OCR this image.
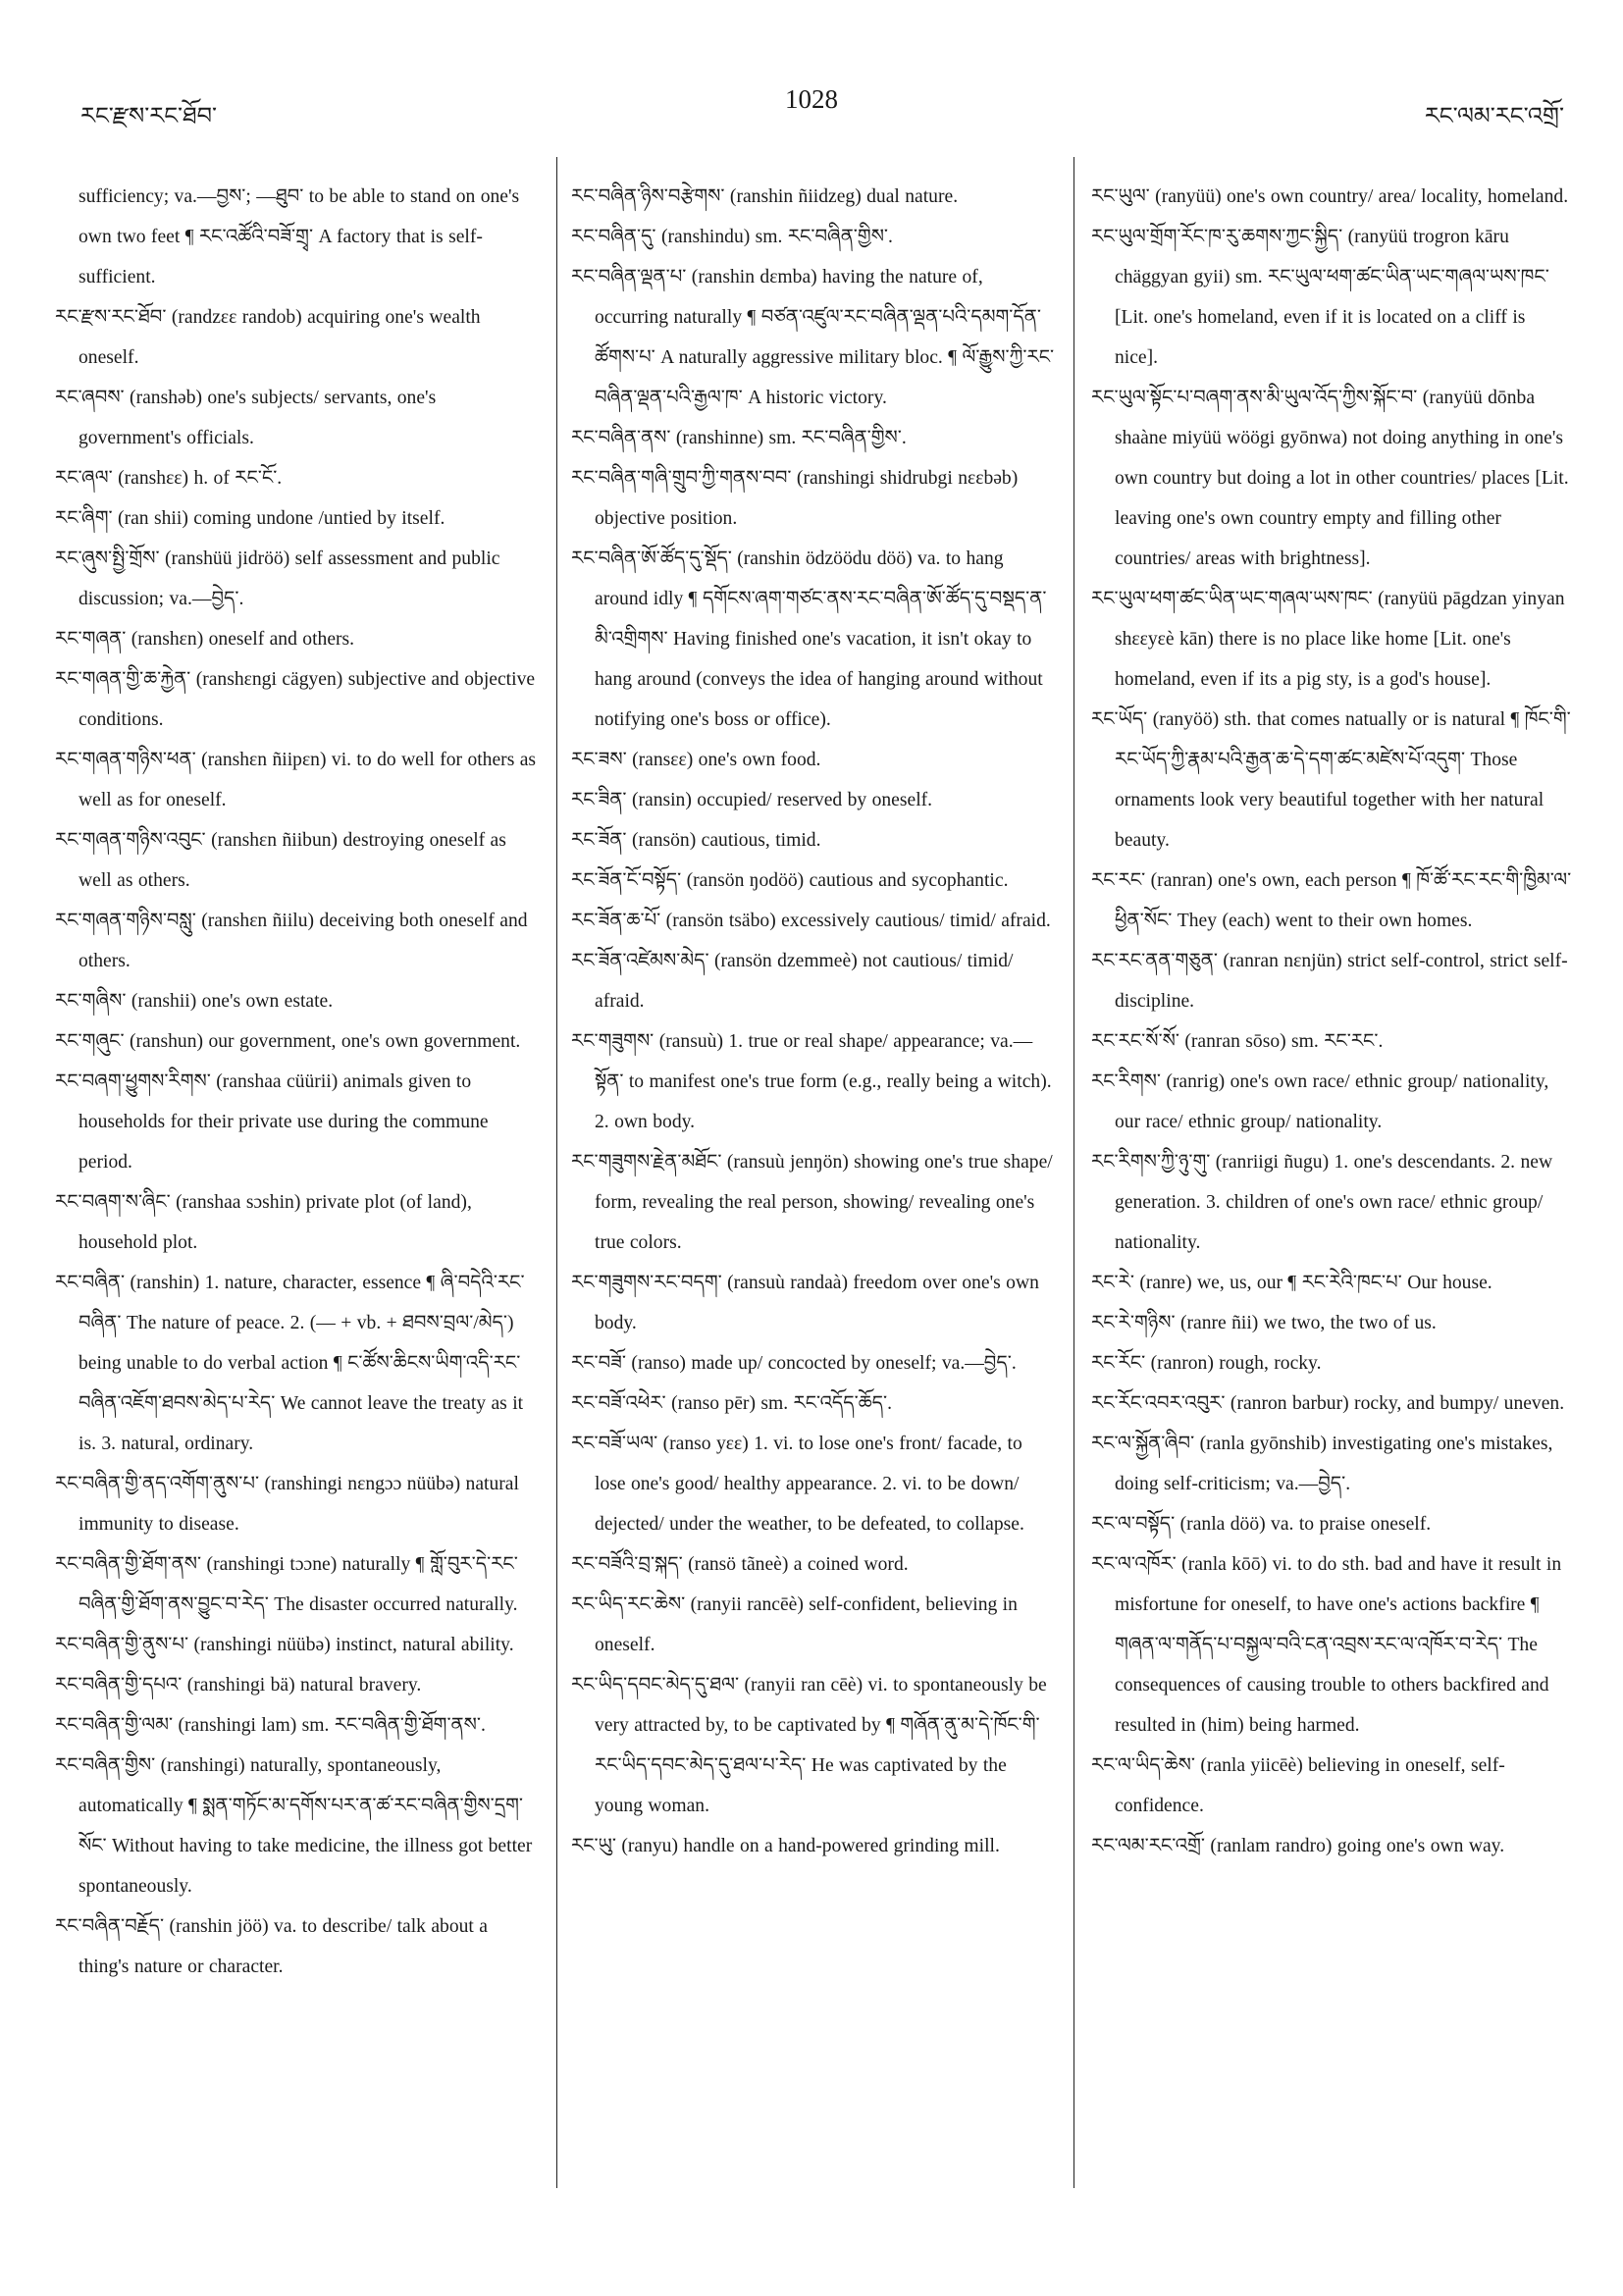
རང་རྫས་རང་ཐོབ་
1028
རང་ལམ་རང་འགྲོ་

sufficiency; va.—བྱས་; —ཐུབ་ to be able to stand on one's own two feet ¶ རང་འཚོའི་བཟོ་གྲྭ་ A factory that is self-sufficient.

རང་རྫས་རང་ཐོབ་ (randzɛɛ randob) acquiring one's wealth oneself.

རང་ཞབས་ (ranshəb) one's subjects/ servants, one's government's officials.

རང་ཞལ་ (ranshɛɛ) h. of རང་ངོ་.

རང་ཞིག་ (ran shii) coming undone /untied by itself.

རང་ཞུས་སྤྱི་གྲོས་ (ranshüü jidröö) self assessment and public discussion; va.—བྱེད་.

རང་གཞན་ (ranshɛn) oneself and others.

རང་གཞན་གྱི་ཆ་རྐྱེན་ (ranshɛngi cägyen) subjective and objective conditions.

རང་གཞན་གཉིས་ཕན་ (ranshɛn ñiipɛn) vi. to do well for others as well as for oneself.

རང་གཞན་གཉིས་འབུང་ (ranshɛn ñiibun) destroying oneself as well as others.

རང་གཞན་གཉིས་བསླུ་ (ranshɛn ñiilu) deceiving both oneself and others.

རང་གཞིས་ (ranshii) one's own estate.

རང་གཞུང་ (ranshun) our government, one's own government.

རང་བཞག་ཕྱུགས་རིགས་ (ranshaa cüürii) animals given to households for their private use during the commune period.

རང་བཞག་ས་ཞིང་ (ranshaa sɔshin) private plot (of land), household plot.

རང་བཞིན་ (ranshin) 1. nature, character, essence ¶ ཞི་བདེའི་རང་བཞིན་ The nature of peace. 2. (— + vb. + ཐབས་བྲལ་/མེད་) being unable to do verbal action ¶ ང་ཚོས་ཆིངས་ཡིག་འདི་རང་བཞིན་འཇོག་ཐབས་མེད་པ་རེད་ We cannot leave the treaty as it is. 3. natural, ordinary.

རང་བཞིན་གྱི་ནད་འགོག་ནུས་པ་ (ranshingi nɛngɔɔ nüübə) natural immunity to disease.

རང་བཞིན་གྱི་ཐོག་ནས་ (ranshingi tɔɔne) naturally ¶ གློ་བུར་དེ་རང་བཞིན་གྱི་ཐོག་ནས་བྱུང་བ་རེད་ The disaster occurred naturally.

རང་བཞིན་གྱི་ནུས་པ་ (ranshingi nüübə) instinct, natural ability.

རང་བཞིན་གྱི་དཔའ་ (ranshingi bä) natural bravery.

རང་བཞིན་གྱི་ལམ་ (ranshingi lam) sm. རང་བཞིན་གྱི་ཐོག་ནས་.

རང་བཞིན་གྱིས་ (ranshingi) naturally, spontaneously, automatically ¶ སྨན་གཏོང་མ་དགོས་པར་ན་ཚ་རང་བཞིན་གྱིས་དྲག་སོང་ Without having to take medicine, the illness got better spontaneously.

རང་བཞིན་བརྗོད་ (ranshin jöö) va. to describe/ talk about a thing's nature or character.

རང་བཞིན་ཉིས་བརྩེགས་ (ranshin ñiidzeg) dual nature.

རང་བཞིན་དུ་ (ranshindu) sm. རང་བཞིན་གྱིས་.

རང་བཞིན་ལྡན་པ་ (ranshin dɛmba) having the nature of, occurring naturally ¶ བཙན་འཛུལ་རང་བཞིན་ལྡན་པའི་དམག་དོན་ཚོགས་པ་ A naturally aggressive military bloc. ¶ ལོ་རྒྱུས་ཀྱི་རང་བཞིན་ལྡན་པའི་རྒྱལ་ཁ་ A historic victory.

རང་བཞིན་ནས་ (ranshinne) sm. རང་བཞིན་གྱིས་.

རང་བཞིན་གཞི་གྲུབ་ཀྱི་གནས་བབ་ (ranshingi shidrubgi nɛɛbəb) objective position.

རང་བཞིན་ཨོ་ཚོད་དུ་སྡོད་ (ranshin ödzöödu döö) va. to hang around idly ¶ དགོངས་ཞག་གཙང་ནས་རང་བཞིན་ཨོ་ཚོད་དུ་བསྡད་ན་མི་འགྲིགས་ Having finished one's vacation, it isn't okay to hang around (conveys the idea of hanging around without notifying one's boss or office).

རང་ཟས་ (ransɛɛ) one's own food.

རང་ཟིན་ (ransin) occupied/ reserved by oneself.

རང་ཟོན་ (ransön) cautious, timid.

རང་ཟོན་ངོ་བསྟོད་ (ransön ŋodöö) cautious and sycophantic.

རང་ཟོན་ཆ་པོ་ (ransön tsäbo) excessively cautious/ timid/ afraid.

རང་ཟོན་འཛེམས་མེད་ (ransön dzemmeè) not cautious/ timid/ afraid.

རང་གཟུགས་ (ransuù) 1. true or real shape/ appearance; va.—སྟོན་ to manifest one's true form (e.g., really being a witch). 2. own body.

རང་གཟུགས་རྗེན་མཐོང་ (ransuù jenŋön) showing one's true shape/ form, revealing the real person, showing/ revealing one's true colors.

རང་གཟུགས་རང་བདག་ (ransuù randaà) freedom over one's own body.

རང་བཟོ་ (ranso) made up/ concocted by oneself; va.—བྱེད་.

རང་བཟོ་འཕེར་ (ranso pēr) sm. རང་འདོད་ཆོད་.

རང་བཟོ་ཡལ་ (ranso yɛɛ) 1. vi. to lose one's front/ facade, to lose one's good/ healthy appearance. 2. vi. to be down/ dejected/ under the weather, to be defeated, to collapse.

རང་བཟོའི་བྲ་སྐད་ (ransö tãneè) a coined word.

རང་ཡིད་རང་ཆེས་ (ranyii rancēè) self-confident, believing in oneself.

རང་ཡིད་དབང་མེད་དུ་ཐལ་ (ranyii ran cēè) vi. to spontaneously be very attracted by, to be captivated by ¶ གཞོན་ནུ་མ་དེ་ཁོང་གི་རང་ཡིད་དབང་མེད་དུ་ཐལ་པ་རེད་ He was captivated by the young woman.

རང་ཡུ་ (ranyu) handle on a hand-powered grinding mill.

རང་ཡུལ་ (ranyüü) one's own country/ area/ locality, homeland.

རང་ཡུལ་གྲོག་རོང་ཁ་རུ་ཆགས་ཀྱང་སྐྱིད་ (ranyüü trogron kāru chäggyan gyii) sm. རང་ཡུལ་ཕག་ཚང་ཡིན་ཡང་གཞལ་ཡས་ཁང་ [Lit. one's homeland, even if it is located on a cliff is nice].

རང་ཡུལ་སྟོང་པ་བཞག་ནས་མི་ཡུལ་འོད་ཀྱིས་སྐོང་བ་ (ranyüü dōnba shaàne miyüü wöögi gyōnwa) not doing anything in one's own country but doing a lot in other countries/ places [Lit. leaving one's own country empty and filling other countries/ areas with brightness].

རང་ཡུལ་ཕག་ཚང་ཡིན་ཡང་གཞལ་ཡས་ཁང་ (ranyüü pāgdzan yinyan shɛɛyɛè kān) there is no place like home [Lit. one's homeland, even if its a pig sty, is a god's house].

རང་ཡོད་ (ranyöö) sth. that comes natually or is natural ¶ ཁོང་གི་རང་ཡོད་ཀྱི་རྣམ་པའི་རྒྱན་ཆ་དེ་དག་ཚང་མཛེས་པོ་འདུག་ Those ornaments look very beautiful together with her natural beauty.

རང་རང་ (ranran) one's own, each person ¶ ཁོ་ཚོ་རང་རང་གི་ཁྱིམ་ལ་ཕྱིན་སོང་ They (each) went to their own homes.

རང་རང་ནན་གཅུན་ (ranran nɛnjün) strict self-control, strict self-discipline.

རང་རང་སོ་སོ་ (ranran sōso) sm. རང་རང་.

རང་རིགས་ (ranrig) one's own race/ ethnic group/ nationality, our race/ ethnic group/ nationality.

རང་རིགས་ཀྱི་ཉུ་གུ་ (ranriigi ñugu) 1. one's descendants. 2. new generation. 3. children of one's own race/ ethnic group/ nationality.

རང་རེ་ (ranre) we, us, our ¶ རང་རེའི་ཁང་པ་ Our house.

རང་རེ་གཉིས་ (ranre ñii) we two, the two of us.

རང་རོང་ (ranron) rough, rocky.

རང་རོང་འབར་འབུར་ (ranron barbur) rocky, and bumpy/ uneven.

རང་ལ་སྐྱོན་ཞིབ་ (ranla gyōnshib) investigating one's mistakes, doing self-criticism; va.—བྱེད་.

རང་ལ་བསྟོད་ (ranla döö) va. to praise oneself.

རང་ལ་འཁོར་ (ranla kōō) vi. to do sth. bad and have it result in misfortune for oneself, to have one's actions backfire ¶ གཞན་ལ་གནོད་པ་བསྐྱལ་བའི་ངན་འབྲས་རང་ལ་འཁོར་བ་རེད་ The consequences of causing trouble to others backfired and resulted in (him) being harmed.

རང་ལ་ཡིད་ཆེས་ (ranla yiicēè) believing in oneself, self-confidence.

རང་ལམ་རང་འགྲོ་ (ranlam randro) going one's own way.
